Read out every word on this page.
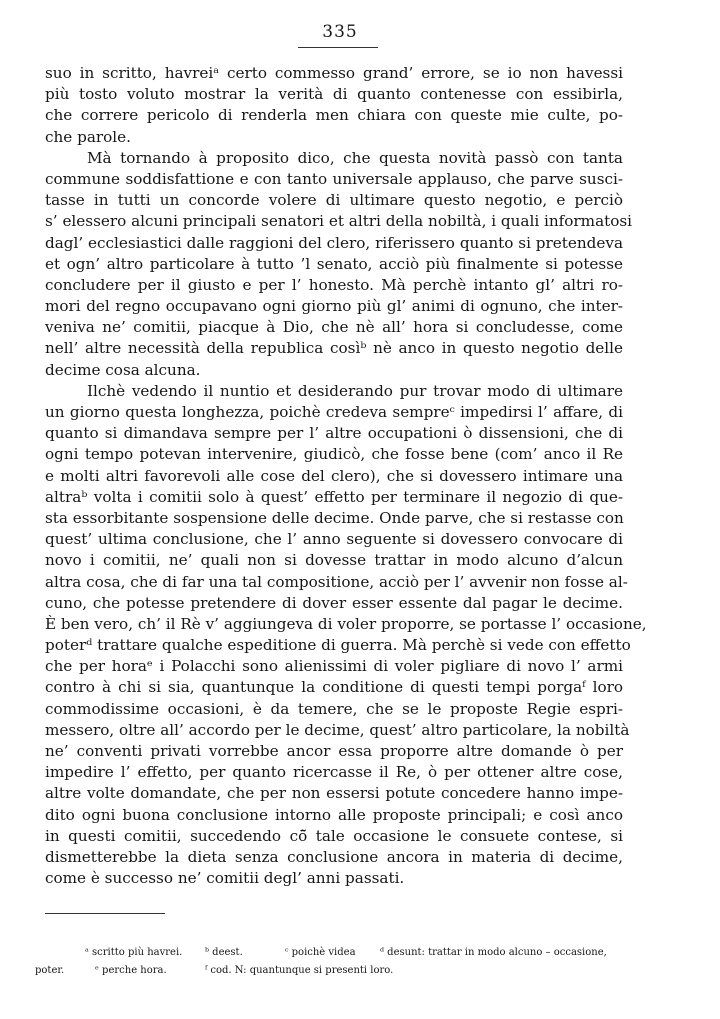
335
suo in scritto, havreiᵃ certo commesso grand’ errore, se io non havessi
più tosto voluto mostrar la verità di quanto contenesse con essibirla,
che correre pericolo di renderla men chiara con queste mie culte, po-
che parole.
Mà tornando à proposito dico, che questa novità passò con tanta
commune soddisfattione e con tanto universale applauso, che parve susci-
tasse in tutti un concorde volere di ultimare questo negotio, e perciò
s’ elessero alcuni principali senatori et altri della nobiltà, i quali informatosi
dagl’ ecclesiastici dalle raggioni del clero, riferissero quanto si pretendeva
et ogn’ altro particolare à tutto ’l senato, acciò più finalmente si potesse
concludere per il giusto e per l’ honesto. Mà perchè intanto gl’ altri ro-
mori del regno occupavano ogni giorno più gl’ animi di ognuno, che inter-
veniva ne’ comitii, piacque à Dio, che nè all’ hora si concludesse, come
nell’ altre necessità della republica cosìᵇ nè anco in questo negotio delle
decime cosa alcuna.
Ilchè vedendo il nuntio et desiderando pur trovar modo di ultimare
un giorno questa longhezza, poichè credeva sempreᶜ impedirsi l’ affare, di
quanto si dimandava sempre per l’ altre occupationi ò dissensioni, che di
ogni tempo potevan intervenire, giudicò, che fosse bene (com’ anco il Re
e molti altri favorevoli alle cose del clero), che si dovessero intimare una
altraᵇ volta i comitii solo à quest’ effetto per terminare il negozio di que-
sta essorbitante sospensione delle decime. Onde parve, che si restasse con
quest’ ultima conclusione, che l’ anno seguente si dovessero convocare di
novo i comitii, ne’ quali non si dovesse trattar in modo alcuno d’alcun
altra cosa, che di far una tal compositione, acciò per l’ avvenir non fosse al-
cuno, che potesse pretendere di dover esser essente dal pagar le decime.
È ben vero, ch’ il Rè v’ aggiungeva di voler proporre, se portasse l’ occasione,
poterᵈ trattare qualche espeditione di guerra. Mà perchè si vede con effetto
che per horaᵉ i Polacchi sono alienissimi di voler pigliare di novo l’ armi
contro à chi si sia, quantunque la conditione di questi tempi porgaᶠ loro
commodissime occasioni, è da temere, che se le proposte Regie espri-
messero, oltre all’ accordo per le decime, quest’ altro particolare, la nobiltà
ne’ conventi privati vorrebbe ancor essa proporre altre domande ò per
impedire l’ effetto, per quanto ricercasse il Re, ò per ottener altre cose,
altre volte domandate, che per non essersi potute concedere hanno impe-
dito ogni buona conclusione intorno alle proposte principali; e così anco
in questi comitii, succedendo cō̃ tale occasione le consuete contese, si
dismetterebbe la dieta senza conclusione ancora in materia di decime,
come è successo ne’ comitii degl’ anni passati.
ᵃ scritto più havrei. ᵇ deest.	ᶜ poichè videa ᵈ desunt: trattar in modo alcuno – occasione,
poter.	ᵉ perche hora.	ᶠ cod. N: quantunque si presenti loro.
